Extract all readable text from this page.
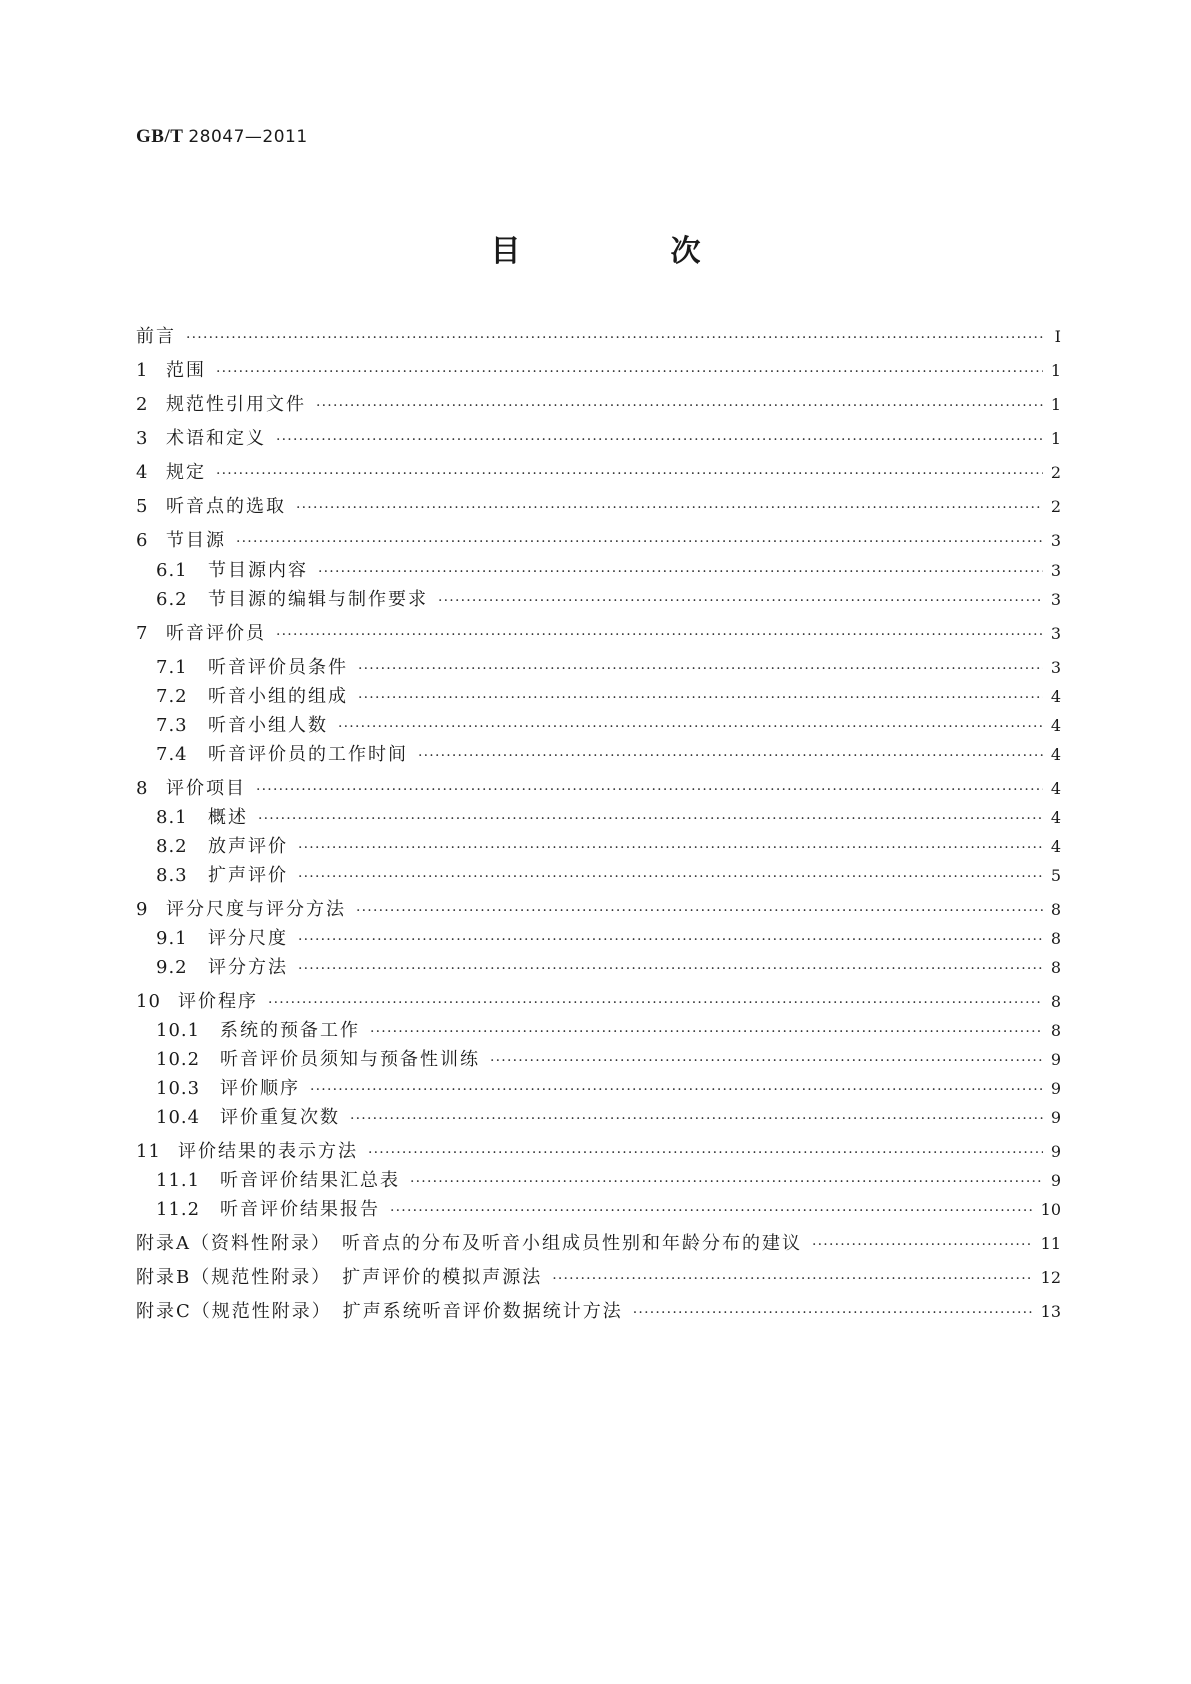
GB/T 28047—2011
目　次
前言 ·····	Ⅰ
1 范围 ·····	1
2 规范性引用文件 ·····	1
3 术语和定义 ·····	1
4 规定 ·····	2
5 听音点的选取 ·····	2
6 节目源 ·····	3
6.1	节目源内容 ·····	3
6.2	节目源的编辑与制作要求 ·····	3
7 听音评价员 ·····	3
7.1	听音评价员条件 ·····	3
7.2	听音小组的组成 ·····	4
7.3	听音小组人数 ·····	4
7.4	听音评价员的工作时间 ·····	4
8 评价项目 ·····	4
8.1	概述 ·····	4
8.2	放声评价 ·····	4
8.3	扩声评价 ·····	5
9 评分尺度与评分方法 ·····	8
9.1	评分尺度 ·····	8
9.2	评分方法 ·····	8
10 评价程序 ·····	8
10.1	系统的预备工作 ·····	8
10.2	听音评价员须知与预备性训练 ·····	9
10.3	评价顺序 ·····	9
10.4	评价重复次数 ·····	9
11 评价结果的表示方法 ·····	9
11.1	听音评价结果汇总表 ·····	9
11.2	听音评价结果报告 ·····	10
附录A（资料性附录）　听音点的分布及听音小组成员性别和年龄分布的建议 ·····	11
附录B（规范性附录）　扩声评价的模拟声源法 ·····	12
附录C（规范性附录）　扩声系统听音评价数据统计方法 ·····	13
